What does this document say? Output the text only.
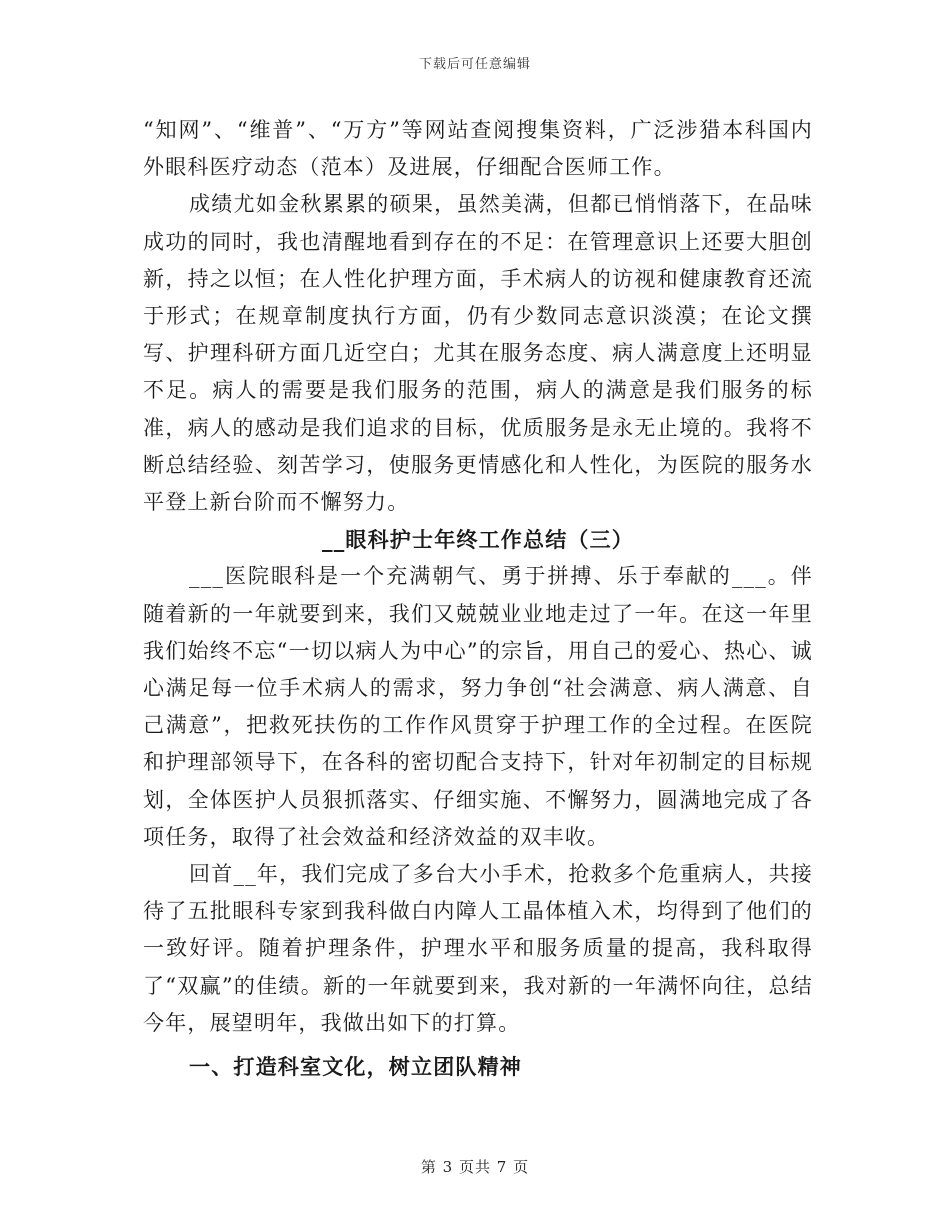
下载后可任意编辑

“知网”、“维普”、“万方”等网站查阅搜集资料，广泛涉猎本科国内外眼科医疗动态（范本）及进展，仔细配合医师工作。

成绩尤如金秋累累的硕果，虽然美满，但都已悄悄落下，在品味成功的同时，我也清醒地看到存在的不足：在管理意识上还要大胆创新，持之以恒；在人性化护理方面，手术病人的访视和健康教育还流于形式；在规章制度执行方面，仍有少数同志意识淡漠；在论文撰写、护理科研方面几近空白；尤其在服务态度、病人满意度上还明显不足。病人的需要是我们服务的范围，病人的满意是我们服务的标准，病人的感动是我们追求的目标，优质服务是永无止境的。我将不断总结经验、刻苦学习，使服务更情感化和人性化，为医院的服务水平登上新台阶而不懈努力。

__眼科护士年终工作总结（三）

___医院眼科是一个充满朝气、勇于拼搏、乐于奉献的___。伴随着新的一年就要到来，我们又兢兢业业地走过了一年。在这一年里我们始终不忘“一切以病人为中心”的宗旨，用自己的爱心、热心、诚心满足每一位手术病人的需求，努力争创“社会满意、病人满意、自己满意”，把救死扶伤的工作作风贯穿于护理工作的全过程。在医院和护理部领导下，在各科的密切配合支持下，针对年初制定的目标规划，全体医护人员狠抓落实、仔细实施、不懈努力，圆满地完成了各项任务，取得了社会效益和经济效益的双丰收。

回首__年，我们完成了多台大小手术，抢救多个危重病人，共接待了五批眼科专家到我科做白内障人工晶体植入术，均得到了他们的一致好评。随着护理条件，护理水平和服务质量的提高，我科取得了“双赢”的佳绩。新的一年就要到来，我对新的一年满怀向往，总结今年，展望明年，我做出如下的打算。

一、打造科室文化，树立团队精神

第 3 页共 7 页
